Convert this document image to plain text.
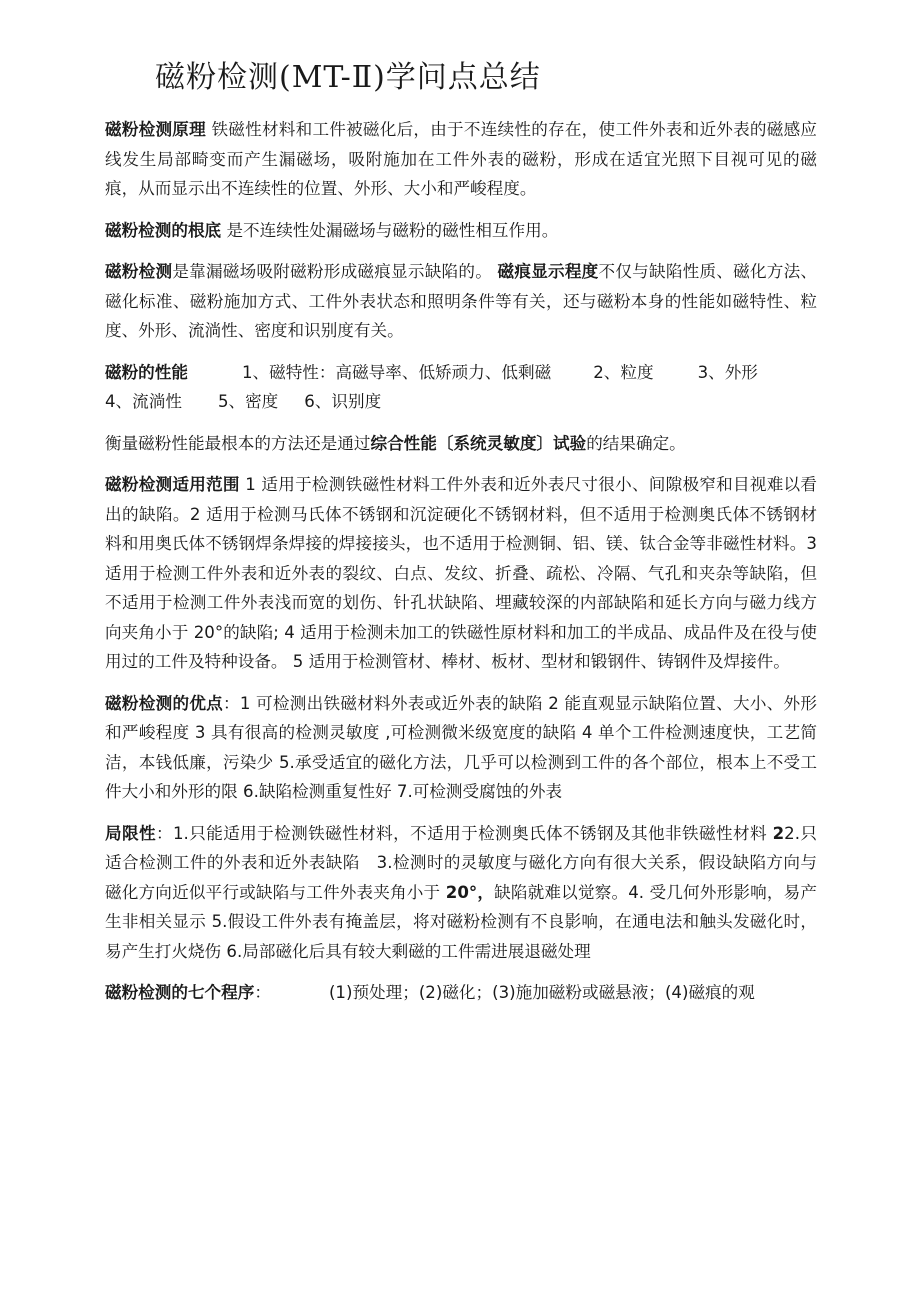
磁粉检测(MT-Ⅱ)学问点总结

磁粉检测原理 铁磁性材料和工件被磁化后，由于不连续性的存在，使工件外表和近外表的磁感应线发生局部畸变而产生漏磁场，吸附施加在工件外表的磁粉，形成在适宜光照下目视可见的磁痕，从而显示出不连续性的位置、外形、大小和严峻程度。

磁粉检测的根底 是不连续性处漏磁场与磁粉的磁性相互作用。

磁粉检测是靠漏磁场吸附磁粉形成磁痕显示缺陷的。 磁痕显示程度不仅与缺陷性质、磁化方法、磁化标准、磁粉施加方式、工件外表状态和照明条件等有关，还与磁粉本身的性能如磁特性、粒度、外形、流淌性、密度和识别度有关。

磁粉的性能	1、磁特性：高磁导率、低矫顽力、低剩磁	2、粒度	3、外形
4、流淌性 5、密度 6、识别度

衡量磁粉性能最根本的方法还是通过综合性能〔系统灵敏度〕试验的结果确定。

磁粉检测适用范围 1 适用于检测铁磁性材料工件外表和近外表尺寸很小、间隙极窄和目视难以看出的缺陷。2 适用于检测马氏体不锈钢和沉淀硬化不锈钢材料，但不适用于检测奥氏体不锈钢材料和用奥氏体不锈钢焊条焊接的焊接接头，也不适用于检测铜、铝、镁、钛合金等非磁性材料。3 适用于检测工件外表和近外表的裂纹、白点、发纹、折叠、疏松、冷隔、气孔和夹杂等缺陷，但不适用于检测工件外表浅而宽的划伤、针孔状缺陷、埋藏较深的内部缺陷和延长方向与磁力线方向夹角小于 20°的缺陷; 4 适用于检测未加工的铁磁性原材料和加工的半成品、成品件及在役与使用过的工件及特种设备。 5 适用于检测管材、棒材、板材、型材和锻钢件、铸钢件及焊接件。

磁粉检测的优点：1 可检测出铁磁材料外表或近外表的缺陷 2 能直观显示缺陷位置、大小、外形和严峻程度 3 具有很高的检测灵敏度 ,可检测微米级宽度的缺陷 4 单个工件检测速度快，工艺简洁，本钱低廉，污染少 5.承受适宜的磁化方法，几乎可以检测到工件的各个部位，根本上不受工件大小和外形的限 6.缺陷检测重复性好 7.可检测受腐蚀的外表

局限性：1.只能适用于检测铁磁性材料，不适用于检测奥氏体不锈钢及其他非铁磁性材料 22.只适合检测工件的外表和近外表缺陷　3.检测时的灵敏度与磁化方向有很大关系，假设缺陷方向与磁化方向近似平行或缺陷与工件外表夹角小于 20°，缺陷就难以觉察。4. 受几何外形影响，易产生非相关显示 5.假设工件外表有掩盖层，将对磁粉检测有不良影响，在通电法和触头发磁化时，易产生打火烧伤 6.局部磁化后具有较大剩磁的工件需进展退磁处理

磁粉检测的七个程序：	(1)预处理；(2)磁化；(3)施加磁粉或磁悬液；(4)磁痕的观
